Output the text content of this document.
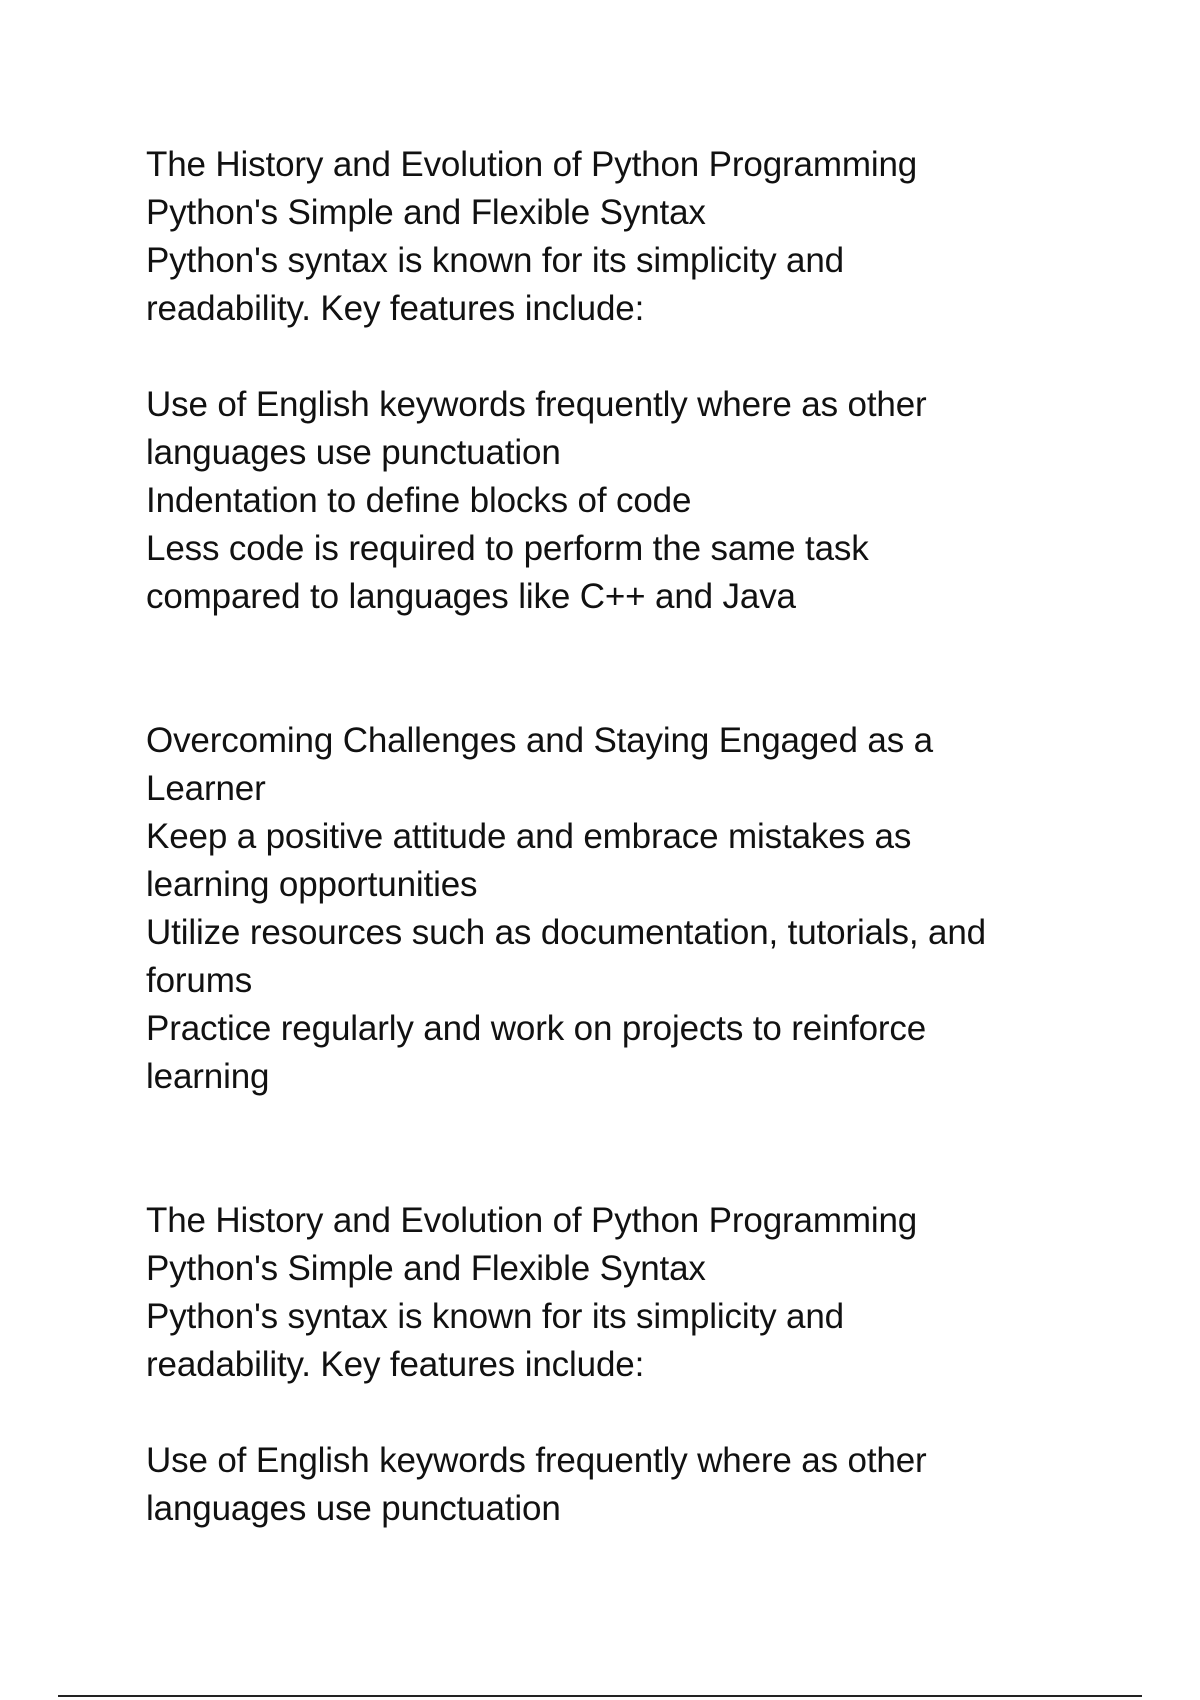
The History and Evolution of Python Programming
Python's Simple and Flexible Syntax
Python's syntax is known for its simplicity and
readability. Key features include:
Use of English keywords frequently where as other
languages use punctuation
Indentation to define blocks of code
Less code is required to perform the same task
compared to languages like C++ and Java
Overcoming Challenges and Staying Engaged as a
Learner
Keep a positive attitude and embrace mistakes as
learning opportunities
Utilize resources such as documentation, tutorials, and
forums
Practice regularly and work on projects to reinforce
learning
The History and Evolution of Python Programming
Python's Simple and Flexible Syntax
Python's syntax is known for its simplicity and
readability. Key features include:
Use of English keywords frequently where as other
languages use punctuation
